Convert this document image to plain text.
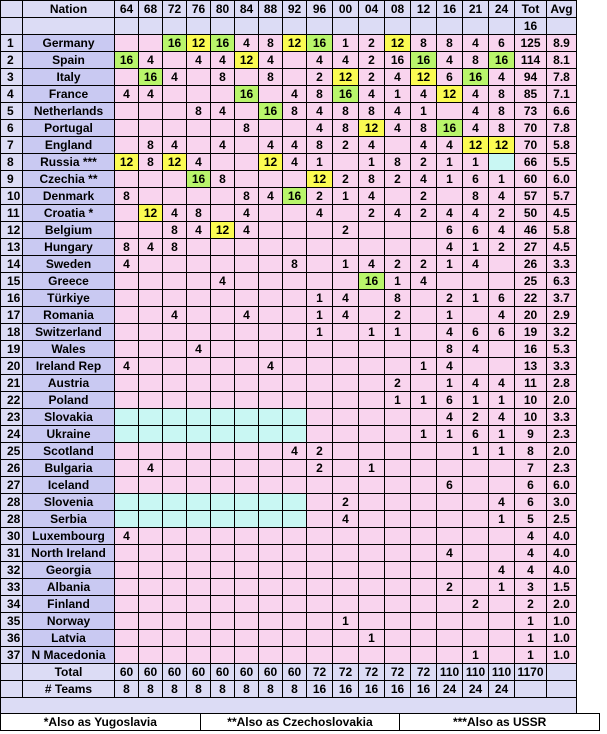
	Nation	64	68	72	76	80	84	88	92	96	00	04	08	12	16	21	24	Tot	Avg
																		16	
1	Germany			16	12	16	4	8	12	16	1	2	12	8	8	4	6	125	8.9
2	Spain	16	4		4	4	12	4		4	4	2	16	16	4	8	16	114	8.1
3	Italy		16	4		8		8		2	12	2	4	12	6	16	4	94	7.8
4	France	4	4				16		4	8	16	4	1	4	12	4	8	85	7.1
5	Netherlands				8	4		16	8	4	8	8	4	1		4	8	73	6.6
6	Portugal						8			4	8	12	4	8	16	4	8	70	7.8
7	England		8	4		4		4	4	8	2	4		4	4	12	12	70	5.8
8	Russia ***	12	8	12	4			12	4	1		1	8	2	1	1		66	5.5
9	Czechia **				16	8				12	2	8	2	4	1	6	1	60	6.0
10	Denmark	8					8	4	16	2	1	4		2		8	4	57	5.7
11	Croatia *		12	4	8		4			4		2	4	2	4	4	2	50	4.5
12	Belgium			8	4	12	4				2				6	6	4	46	5.8
13	Hungary	8	4	8											4	1	2	27	4.5
14	Sweden	4							8		1	4	2	2	1	4		26	3.3
15	Greece					4						16	1	4				25	6.3
16	Türkiye									1	4		8		2	1	6	22	3.7
17	Romania			4			4			1	4		2		1		4	20	2.9
18	Switzerland									1		1	1		4	6	6	19	3.2
19	Wales				4										8	4		16	5.3
20	Ireland Rep	4						4						1	4			13	3.3
21	Austria												2		1	4	4	11	2.8
22	Poland												1	1	6	1	1	10	2.0
23	Slovakia														4	2	4	10	3.3
24	Ukraine													1	1	6	1	9	2.3
25	Scotland								4	2						1	1	8	2.0
26	Bulgaria		4							2		1						7	2.3
27	Iceland														6			6	6.0
28	Slovenia										2						4	6	3.0
28	Serbia										4						1	5	2.5
30	Luxembourg	4																4	4.0
31	North Ireland														4			4	4.0
32	Georgia																4	4	4.0
33	Albania														2		1	3	1.5
34	Finland															2		2	2.0
35	Norway										1							1	1.0
36	Latvia											1						1	1.0
37	N Macedonia															1		1	1.0
	Total	60	60	60	60	60	60	60	60	72	72	72	72	72	110	110	110	1170	
	# Teams	8	8	8	8	8	8	8	8	16	16	16	16	16	24	24	24		

*Also as Yugoslavia	**Also as Czechoslovakia	***Also as USSR
